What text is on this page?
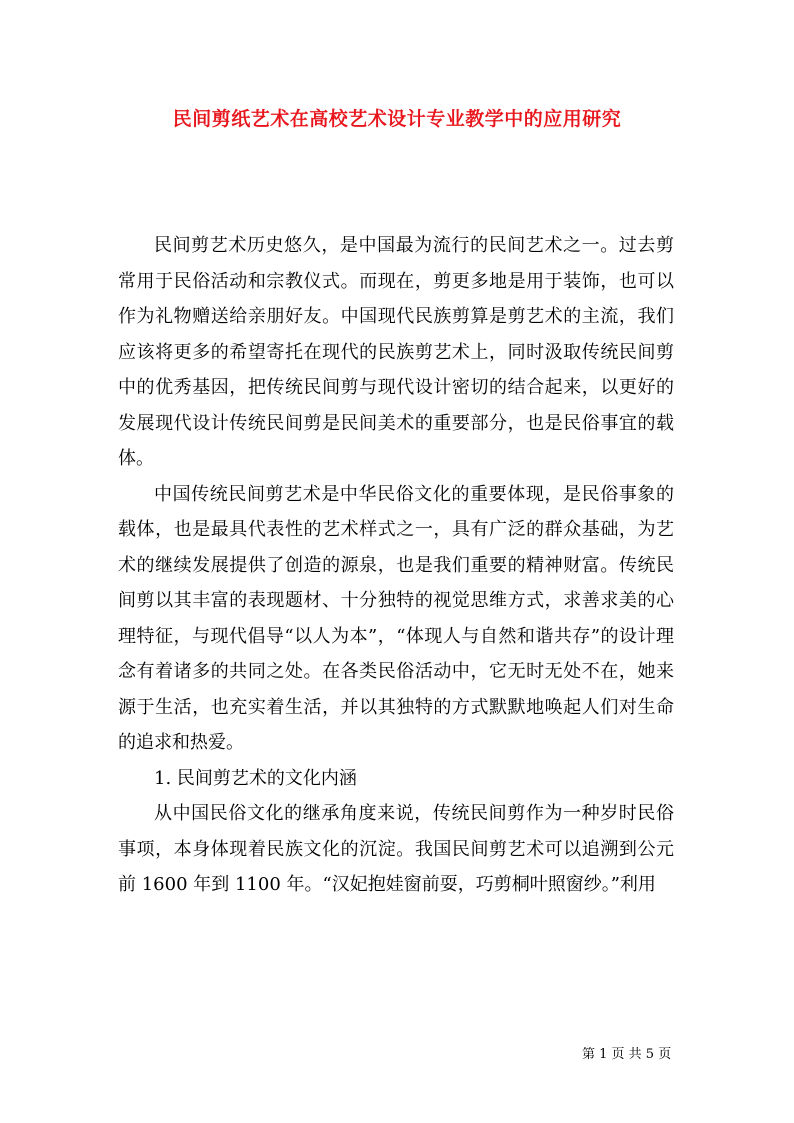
民间剪纸艺术在高校艺术设计专业教学中的应用研究

民间剪艺术历史悠久，是中国最为流行的民间艺术之一。过去剪常用于民俗活动和宗教仪式。而现在，剪更多地是用于装饰，也可以作为礼物赠送给亲朋好友。中国现代民族剪算是剪艺术的主流，我们应该将更多的希望寄托在现代的民族剪艺术上，同时汲取传统民间剪中的优秀基因，把传统民间剪与现代设计密切的结合起来，以更好的发展现代设计传统民间剪是民间美术的重要部分，也是民俗事宜的载体。

中国传统民间剪艺术是中华民俗文化的重要体现，是民俗事象的载体，也是最具代表性的艺术样式之一，具有广泛的群众基础，为艺术的继续发展提供了创造的源泉，也是我们重要的精神财富。传统民间剪以其丰富的表现题材、十分独特的视觉思维方式，求善求美的心理特征，与现代倡导“以人为本”，“体现人与自然和谐共存”的设计理念有着诸多的共同之处。在各类民俗活动中，它无时无处不在，她来源于生活，也充实着生活，并以其独特的方式默默地唤起人们对生命的追求和热爱。

1. 民间剪艺术的文化内涵

从中国民俗文化的继承角度来说，传统民间剪作为一种岁时民俗事项，本身体现着民族文化的沉淀。我国民间剪艺术可以追溯到公元前 1600 年到 1100 年。“汉妃抱娃窗前耍，巧剪桐叶照窗纱。”利用

第 1 页 共 5 页
